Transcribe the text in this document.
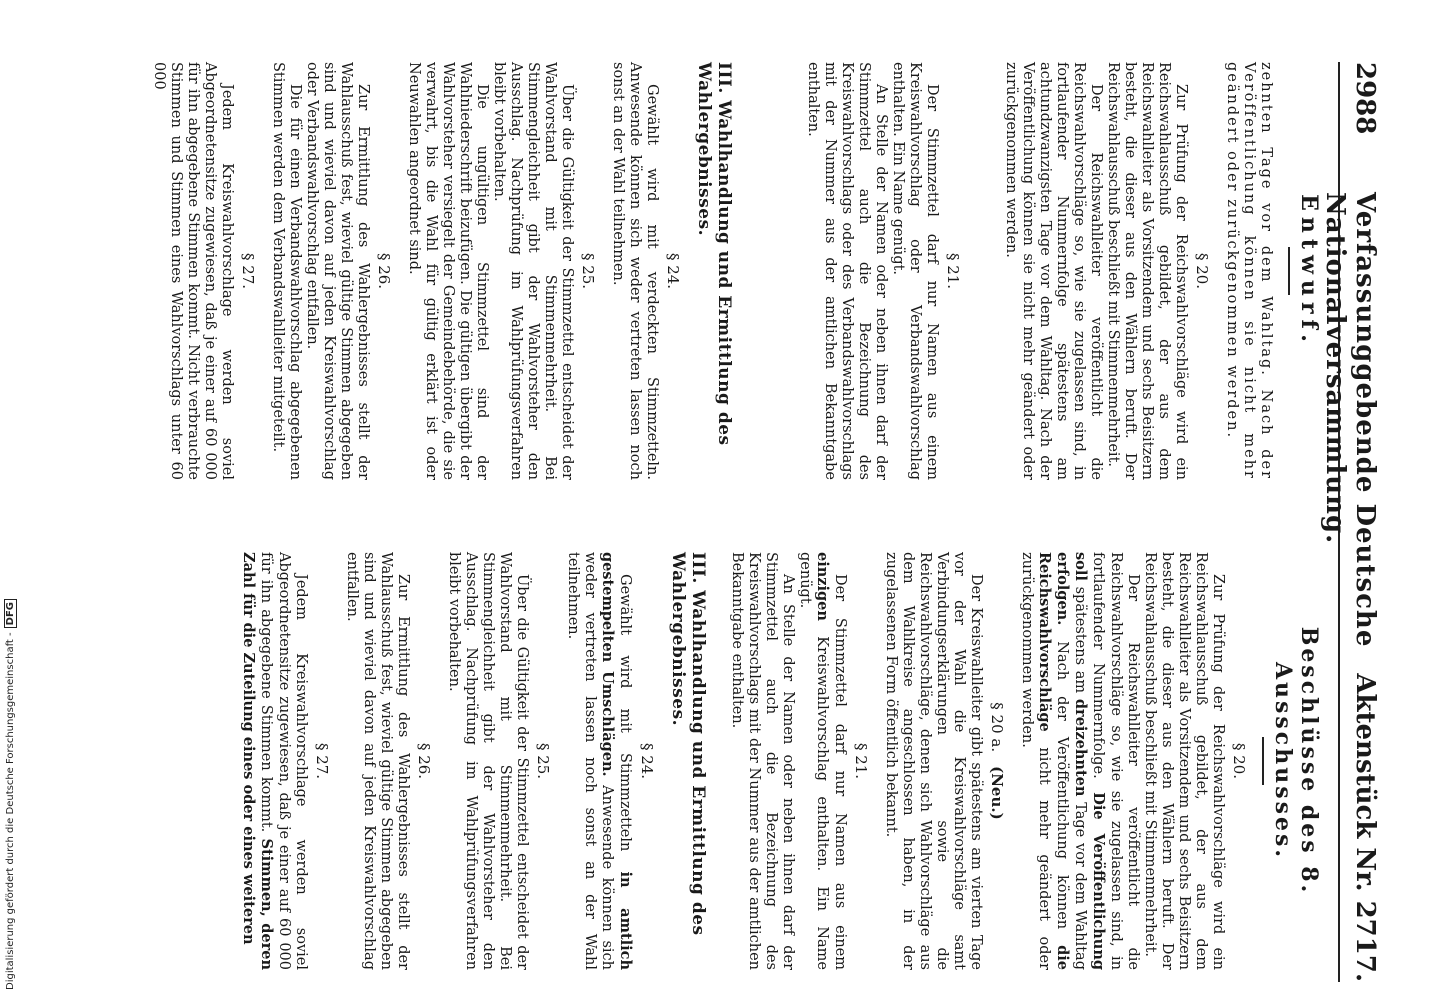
2988
Verfassunggebende Deutsche Nationalversammlung.
Aktenstück Nr. 2717.
Entwurf.

zehnten Tage vor dem Wahltag. Nach der Veröffentlichung können sie nicht mehr geändert oder zurückgenommen werden.

§ 20.

Zur Prüfung der Reichswahlvorschläge wird ein Reichswahlausschuß gebildet, der aus dem Reichswahlleiter als Vorsitzendem und sechs Beisitzern besteht, die dieser aus den Wählern beruft. Der Reichswahlausschuß beschließt mit Stimmenmehrheit.

Der Reichswahlleiter veröffentlicht die Reichswahlvorschläge so, wie sie zugelassen sind, in fortlaufender Nummernfolge spätestens am achtundzwanzigsten Tage vor dem Wahltag. Nach der Veröffentlichung können sie nicht mehr geändert oder zurückgenommen werden.

§ 21.

Der Stimmzettel darf nur Namen aus einem Kreiswahlvorschlag oder Verbandswahlvorschlag enthalten. Ein Name genügt.

An Stelle der Namen oder neben ihnen darf der Stimmzettel auch die Bezeichnung des Kreiswahlvorschlags oder des Verbandswahlvorschlags mit der Nummer aus der amtlichen Bekanntgabe enthalten.

III. Wahlhandlung und Ermittlung des Wahlergebnisses.
§ 24.

Gewählt wird mit verdeckten Stimmzetteln. Anwesende können sich weder vertreten lassen noch sonst an der Wahl teilnehmen.

§ 25.

Über die Gültigkeit der Stimmzettel entscheidet der Wahlvorstand mit Stimmenmehrheit. Bei Stimmengleichheit gibt der Wahlvorsteher den Ausschlag. Nachprüfung im Wahlprüfungsverfahren bleibt vorbehalten.

Die ungültigen Stimmzettel sind der Wahlniederschrift beizufügen. Die gültigen übergibt der Wahlvorsteher versiegelt der Gemeindebehörde, die sie verwahrt, bis die Wahl für gültig erklärt ist oder Neuwahlen angeordnet sind.

§ 26.

Zur Ermittlung des Wahlergebnisses stellt der Wahlausschuß fest, wieviel gültige Stimmen abgegeben sind und wieviel davon auf jeden Kreiswahlvorschlag oder Verbandswahlvorschlag entfallen.

Die für einen Verbandswahlvorschlag abgegebenen Stimmen werden dem Verbandswahlleiter mitgeteilt.

§ 27.

Jedem Kreiswahlvorschlage werden soviel Abgeordnetensitze zugewiesen, daß je einer auf 60 000 für ihn abgegebene Stimmen kommt. Nicht verbrauchte Stimmen und Stimmen eines Wahlvorschlags unter 60 000

Beschlüsse des 8. Ausschusses.
§ 20.

Zur Prüfung der Reichswahlvorschläge wird ein Reichswahlausschuß gebildet, der aus dem Reichswahlleiter als Vorsitzendem und sechs Beisitzern besteht, die dieser aus den Wählern beruft. Der Reichswahlausschuß beschließt mit Stimmenmehrheit.

Der Reichswahlleiter veröffentlicht die Reichswahlvorschläge so, wie sie zugelassen sind, in fortlaufender Nummernfolge. Die Veröffentlichung soll spätestens am dreizehnten Tage vor dem Wahltag erfolgen. Nach der Veröffentlichung können die Reichswahlvorschläge nicht mehr geändert oder zurückgenommen werden.

§ 20 a.(Neu.)

Der Kreiswahlleiter gibt spätestens am vierten Tage vor der Wahl die Kreiswahlvorschläge samt Verbindungserklärungen sowie die Reichswahlvorschläge, denen sich Wahlvorschläge aus dem Wahlkreise angeschlossen haben, in der zugelassenen Form öffentlich bekannt.

§ 21.

Der Stimmzettel darf nur Namen aus einem einzigen Kreiswahlvorschlag enthalten. Ein Name genügt.

An Stelle der Namen oder neben ihnen darf der Stimmzettel auch die Bezeichnung des Kreiswahlvorschlags mit der Nummer aus der amtlichen Bekanntgabe enthalten.

III. Wahlhandlung und Ermittlung des Wahlergebnisses.
§ 24.

Gewählt wird mit Stimmzetteln in amtlich gestempelten Umschlägen. Anwesende können sich weder vertreten lassen noch sonst an der Wahl teilnehmen.

§ 25.

Über die Gültigkeit der Stimmzettel entscheidet der Wahlvorstand mit Stimmenmehrheit. Bei Stimmengleichheit gibt der Wahlvorsteher den Ausschlag. Nachprüfung im Wahlprüfungsverfahren bleibt vorbehalten.

§ 26.

Zur Ermittlung des Wahlergebnisses stellt der Wahlausschuß fest, wieviel gültige Stimmen abgegeben sind und wieviel davon auf jeden Kreiswahlvorschlag entfallen.

§ 27.

Jedem Kreiswahlvorschlage werden soviel Abgeordnetensitze zugewiesen, daß je einer auf 60 000 für ihn abgegebene Stimmen kommt. Stimmen, deren Zahl für die Zuteilung eines oder eines weiteren

Digitalisierung gefördert durch die Deutsche Forschungsgemeinschaft -DFG
